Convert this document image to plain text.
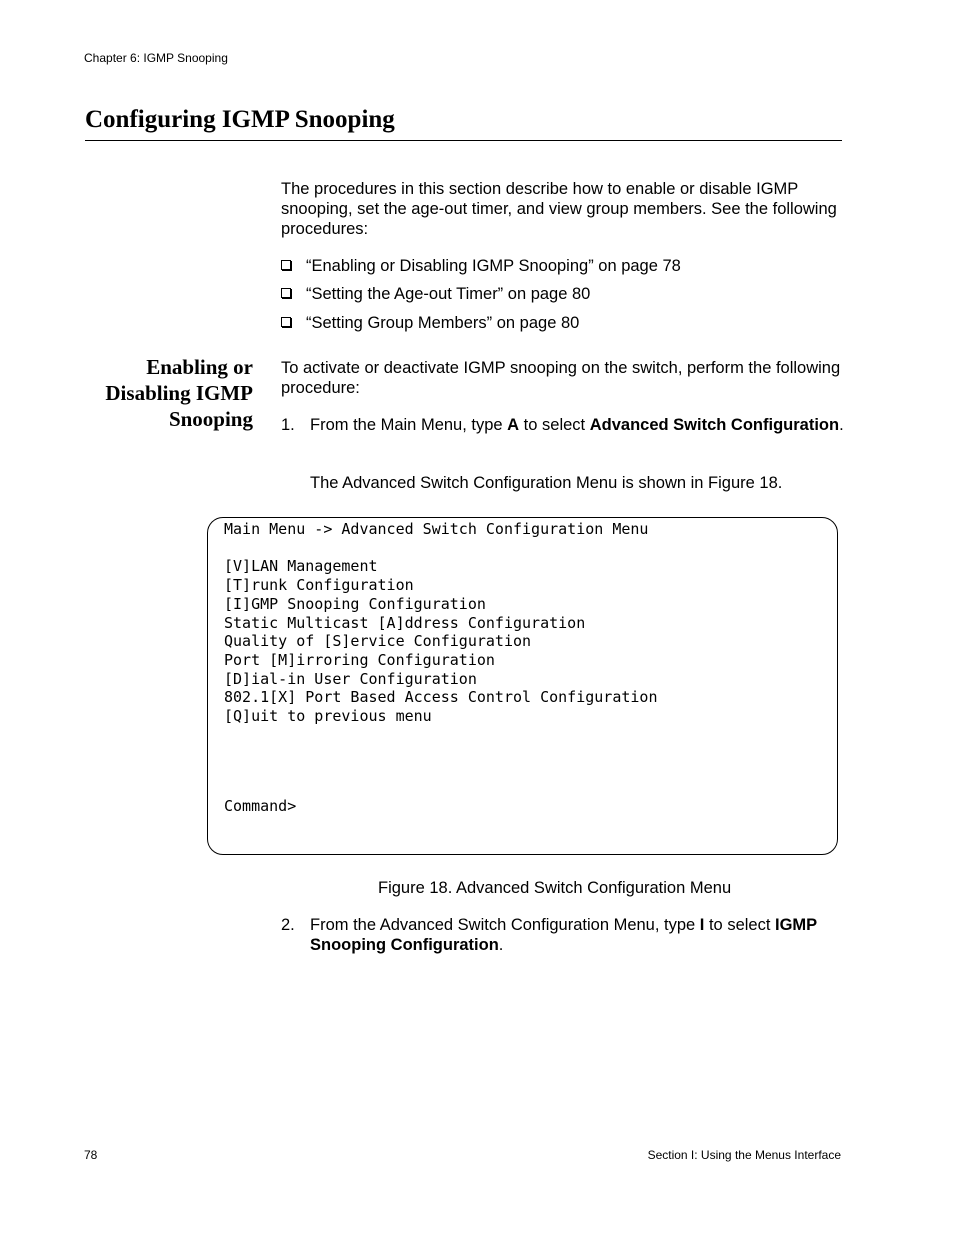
Chapter 6: IGMP Snooping
Configuring IGMP Snooping
The procedures in this section describe how to enable or disable IGMP snooping, set the age-out timer, and view group members. See the following procedures:
“Enabling or Disabling IGMP Snooping” on page 78
“Setting the Age-out Timer” on page 80
“Setting Group Members” on page 80
Enabling or
Disabling IGMP
Snooping
To activate or deactivate IGMP snooping on the switch, perform the following procedure:
1. From the Main Menu, type A to select Advanced Switch Configuration.
The Advanced Switch Configuration Menu is shown in Figure 18.
Main Menu -> Advanced Switch Configuration Menu

[V]LAN Management
[T]runk Configuration
[I]GMP Snooping Configuration
Static Multicast [A]ddress Configuration
Quality of [S]ervice Configuration
Port [M]irroring Configuration
[D]ial-in User Configuration
802.1[X] Port Based Access Control Configuration
[Q]uit to previous menu
Command>
Figure 18. Advanced Switch Configuration Menu
2. From the Advanced Switch Configuration Menu, type I to select IGMP Snooping Configuration.
78	Section I: Using the Menus Interface
